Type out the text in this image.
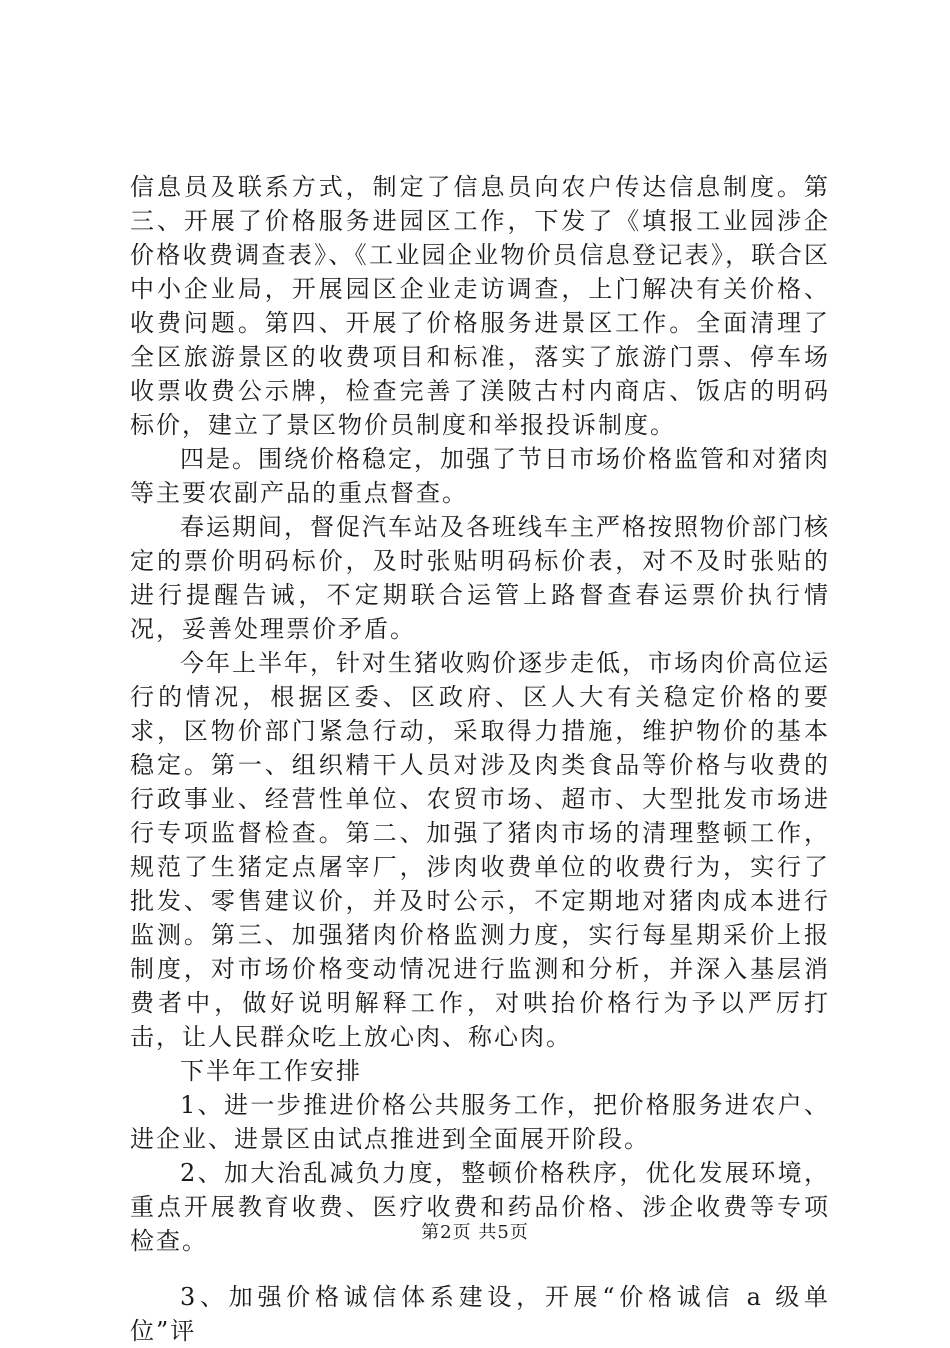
信息员及联系方式，制定了信息员向农户传达信息制度。第三、开展了价格服务进园区工作，下发了《填报工业园涉企价格收费调查表》、《工业园企业物价员信息登记表》，联合区中小企业局，开展园区企业走访调查，上门解决有关价格、收费问题。第四、开展了价格服务进景区工作。全面清理了全区旅游景区的收费项目和标准，落实了旅游门票、停车场收票收费公示牌，检查完善了渼陂古村内商店、饭店的明码标价，建立了景区物价员制度和举报投诉制度。

四是。围绕价格稳定，加强了节日市场价格监管和对猪肉等主要农副产品的重点督查。

春运期间，督促汽车站及各班线车主严格按照物价部门核定的票价明码标价，及时张贴明码标价表，对不及时张贴的进行提醒告诫，不定期联合运管上路督查春运票价执行情况，妥善处理票价矛盾。

今年上半年，针对生猪收购价逐步走低，市场肉价高位运行的情况，根据区委、区政府、区人大有关稳定价格的要求，区物价部门紧急行动，采取得力措施，维护物价的基本稳定。第一、组织精干人员对涉及肉类食品等价格与收费的行政事业、经营性单位、农贸市场、超市、大型批发市场进行专项监督检查。第二、加强了猪肉市场的清理整顿工作，规范了生猪定点屠宰厂，涉肉收费单位的收费行为，实行了批发、零售建议价，并及时公示，不定期地对猪肉成本进行监测。第三、加强猪肉价格监测力度，实行每星期采价上报制度，对市场价格变动情况进行监测和分析，并深入基层消费者中，做好说明解释工作，对哄抬价格行为予以严厉打击，让人民群众吃上放心肉、称心肉。

下半年工作安排

1、进一步推进价格公共服务工作，把价格服务进农户、进企业、进景区由试点推进到全面展开阶段。

2、加大治乱减负力度，整顿价格秩序，优化发展环境，重点开展教育收费、医疗收费和药品价格、涉企收费等专项检查。

3、加强价格诚信体系建设，开展“价格诚信 a 级单位”评

第2页 共5页
